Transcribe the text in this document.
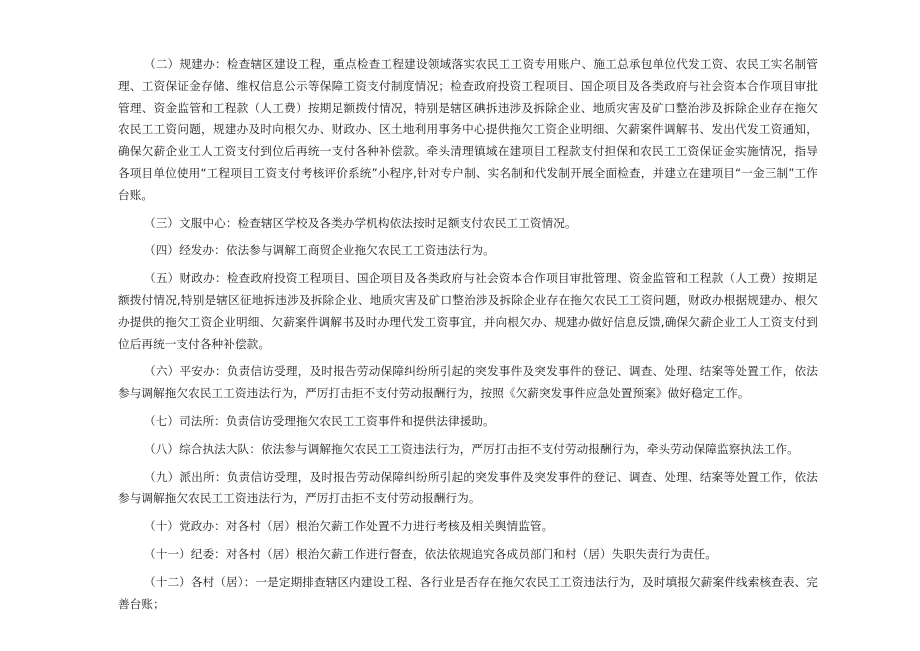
（二）规建办：检查辖区建设工程，重点检查工程建设领域落实农民工工资专用账户、施工总承包单位代发工资、农民工实名制管理、工资保证金存储、维权信息公示等保障工资支付制度情况；检查政府投资工程项目、国企项目及各类政府与社会资本合作项目审批管理、资金监管和工程款（人工费）按期足额拨付情况，特别是辖区碘拆违涉及拆除企业、地质灾害及矿口整治涉及拆除企业存在拖欠农民工工资问题，规建办及时向根欠办、财政办、区土地利用事务中心提供拖欠工资企业明细、欠薪案件调解书、发出代发工资通知，确保欠薪企业工人工资支付到位后再统一支付各种补偿款。牵头清理镇域在建项目工程款支付担保和农民工工资保证金实施情况，指导各项目单位使用“工程项目工资支付考核评价系统”小程序,针对专户制、实名制和代发制开展全面检查，并建立在建项目“一金三制”工作台账。

（三）文服中心：检查辖区学校及各类办学机构依法按时足额支付农民工工资情况。

（四）经发办：依法参与调解工商贸企业拖欠农民工工资违法行为。

（五）财政办：检查政府投资工程项目、国企项目及各类政府与社会资本合作项目审批管理、资金监管和工程款（人工费）按期足额拨付情况,特别是辖区征地拆违涉及拆除企业、地质灾害及矿口整治涉及拆除企业存在拖欠农民工工资问题，财政办根据规建办、根欠办提供的拖欠工资企业明细、欠薪案件调解书及时办理代发工资事宜，并向根欠办、规建办做好信息反馈,确保欠薪企业工人工资支付到位后再统一支付各种补偿款。

（六）平安办：负责信访受理，及时报告劳动保障纠纷所引起的突发事件及突发事件的登记、调查、处理、结案等处置工作，依法参与调解拖欠农民工工资违法行为，严厉打击拒不支付劳动报酬行为，按照《欠薪突发事件应急处置预案》做好稳定工作。

（七）司法所：负责信访受理拖欠农民工工资事件和提供法律援助。

（八）综合执法大队：依法参与调解拖欠农民工工资违法行为，严厉打击拒不支付劳动报酬行为，牵头劳动保障监察执法工作。

（九）派出所：负责信访受理，及时报告劳动保障纠纷所引起的突发事件及突发事件的登记、调查、处理、结案等处置工作，依法参与调解拖欠农民工工资违法行为，严厉打击拒不支付劳动报酬行为。

（十）党政办：对各村（居）根治欠薪工作处置不力进行考核及相关舆情监管。

（十一）纪委：对各村（居）根治欠薪工作进行督查，依法依规追究各成员部门和村（居）失职失责行为责任。

（十二）各村（居）：一是定期排查辖区内建设工程、各行业是否存在拖欠农民工工资违法行为，及时填报欠薪案件线索核查表、完善台账；
